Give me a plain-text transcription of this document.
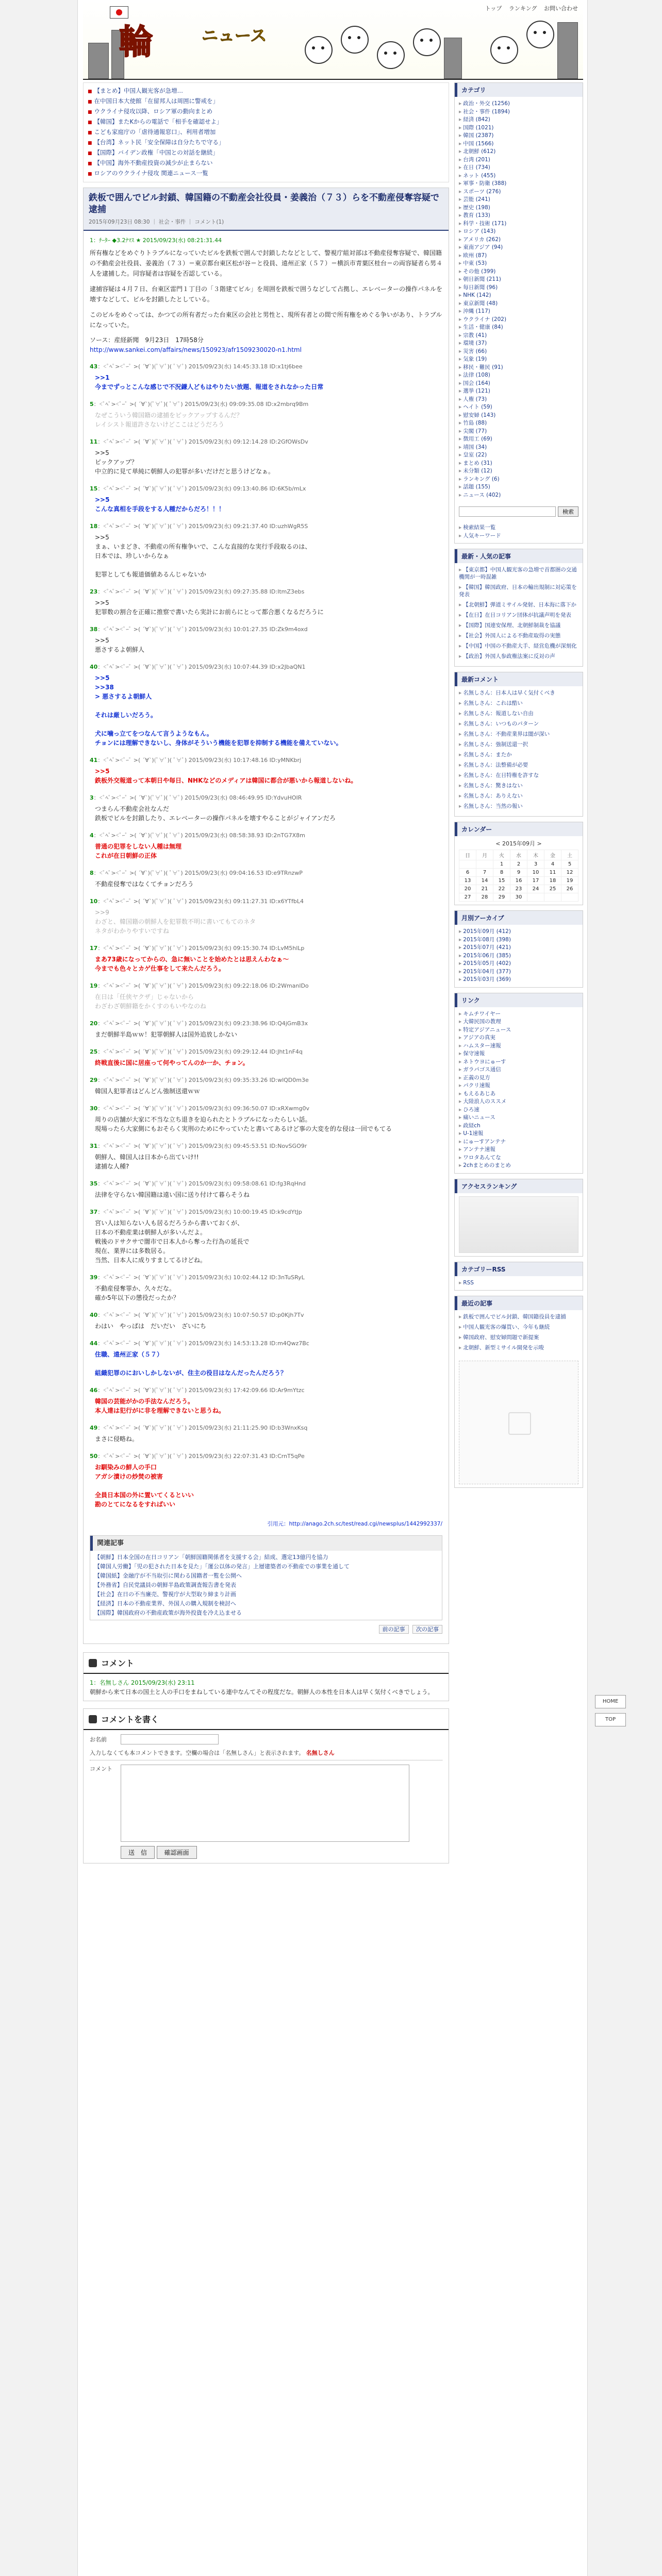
輪	ニュース
トップ ランキング お問い合わせ
■ 【まとめ】中国人観光客が急増…
■ 在中国日本大使館「在留邦人は周囲に警戒を」
■ ウクライナ侵攻以降、ロシア軍の動向まとめ
■ 【韓国】またKからの電話で「相手を確認せよ」
■ こども家庭庁の「虐待通報窓口」、利用者増加
■ 【台湾】ネット民「安全保障は自分たちで守る」
■ 【国際】バイデン政権「中国との対話を継続」
■ 【中国】海外不動産投資の減少が止まらない
■ ロシアのウクライナ侵攻 関連ニュース一覧
鉄板で囲んでビル封鎖、韓国籍の不動産会社役員・姜義治（７３）らを不動産侵奪容疑で逮捕
2015年09月23日 08:30 ｜ 社会・事件 ｜ コメント(1)
1：ﾁｰﾀｰ ◆3.2ﾅﾏｽ ★ 2015/09/23(水) 08:21:31.44
所有権などをめぐりトラブルになっていたビルを鉄板で囲んで封鎖したなどとして、警視庁組対部は不動産侵奪容疑で、韓国籍の不動産会社役員、姜義治（７３）＝東京都台東区松が谷＝と役員、遠州正家（５７）＝横浜市青葉区桂台＝の両容疑者ら男４人を逮捕した。同容疑者は容疑を否認している。
逮捕容疑は４月７日、台東区雷門１丁目の「３階建てビル」を周囲を鉄板で囲うなどして占拠し、エレベーターの操作パネルを壊すなどして、ビルを封鎖したとしている。
このビルをめぐっては、かつての所有者だった台東区の会社と男性と、現所有者との間で所有権をめぐる争いがあり、トラブルになっていた。
ソース：産経新聞　9月23日　17時58分
http://www.sankei.com/affairs/news/150923/afr1509230020-n1.html
43：<ﾟﾍﾟ><ﾟｰﾟ >( ´∀`)(ﾟ∀ﾟ)( ﾟ∀ﾟ) 2015/09/23(水) 14:45:33.18 ID:x1tj6bee
>>1
今までずっとこんな感じで不況鎌人どもはやりたい放題、報道をされなかった日常
5：<ﾟﾍﾟ><ﾟｰﾟ >( ´∀`)(ﾟ∀ﾟ)( ﾟ∀ﾟ) 2015/09/23(水) 09:09:35.08 ID:x2mbrq9Bm
なぜこういう韓国籍の逮捕をピックアップするんだ？
レイシスト報道許さないけどここはどうだろう
11：<ﾟﾍﾟ><ﾟｰﾟ >( ´∀`)(ﾟ∀ﾟ)( ﾟ∀ﾟ) 2015/09/23(水) 09:12:14.28 ID:2GfOWsDv
>>5
ピックアップ？
中立的に見て単純に朝鮮人の犯罪が多いだけだと思うけどなぁ。
15：<ﾟﾍﾟ><ﾟｰﾟ >( ´∀`)(ﾟ∀ﾟ)( ﾟ∀ﾟ) 2015/09/23(水) 09:13:40.86 ID:6K5b/mLx
>>5
こんな真相を手段をする人種だからだろ！！！
18：<ﾟﾍﾟ><ﾟｰﾟ >( ´∀`)(ﾟ∀ﾟ)( ﾟ∀ﾟ) 2015/09/23(水) 09:21:37.40 ID:uzhWgR5S
>>5
まぁ、いまどき、不動産の所有権争いで、こんな直接的な実行手段取るのは、
日本では、珍しいからなぁ

犯罪としても報道価値あるんじゃないか
23：<ﾟﾍﾟ><ﾟｰﾟ >( ´∀`)(ﾟ∀ﾟ)( ﾟ∀ﾟ) 2015/09/23(水) 09:27:35.88 ID:ItmZ3ebs
>>5
犯罪数の割合を正確に推察で書いたら実計にお前らにとって都合悪くなるだろうに
38：<ﾟﾍﾟ><ﾟｰﾟ >( ´∀`)(ﾟ∀ﾟ)( ﾟ∀ﾟ) 2015/09/23(水) 10:01:27.35 ID:Zk9m4oxd
>>5
悪さするよ朝鮮人
40：<ﾟﾍﾟ><ﾟｰﾟ >( ´∀`)(ﾟ∀ﾟ)( ﾟ∀ﾟ) 2015/09/23(水) 10:07:44.39 ID:x2JbaQN1
>>5
>>38
> 悪さするよ朝鮮人

それは厳しいだろう。

犬に噛っ立てをつなんて言うようなもん。
チョンには理解できないし、身体がそういう機能を犯罪を抑制する機能を備えていない。
41：<ﾟﾍﾟ><ﾟｰﾟ >( ´∀`)(ﾟ∀ﾟ)( ﾟ∀ﾟ) 2015/09/23(水) 10:17:48.16 ID:yMNKbrj
>>5
鉄板外交報道って本朝日や毎日、NHKなどのメディアは韓国に都合が悪いから報道しないね。
3：<ﾟﾍﾟ><ﾟｰﾟ >( ´∀`)(ﾟ∀ﾟ)( ﾟ∀ﾟ) 2015/09/23(水) 08:46:49.95 ID:YdvuHOIR
つまらん不動産会社なんだ
鉄板でビルを封鎖したり、エレベーターの操作パネルを壊すやることがジャイアンだろ
4：<ﾟﾍﾟ><ﾟｰﾟ >( ´∀`)(ﾟ∀ﾟ)( ﾟ∀ﾟ) 2015/09/23(水) 08:58:38.93 ID:2nTG7X8m
普通の犯罪をしない人種は無理
これが在日朝鮮の正体
8：<ﾟﾍﾟ><ﾟｰﾟ >( ´∀`)(ﾟ∀ﾟ)( ﾟ∀ﾟ) 2015/09/23(水) 09:04:16.53 ID:e9TRnzwP
不動産侵奪ではなくてチョンだろう
10：<ﾟﾍﾟ><ﾟｰﾟ >( ´∀`)(ﾟ∀ﾟ)( ﾟ∀ﾟ) 2015/09/23(水) 09:11:27.31 ID:x6YTfbL4
>>9
わざと、韓国籍の朝鮮人を犯罪数不明に書いてもてのネタ
ネタがわかりやすいですね
17：<ﾟﾍﾟ><ﾟｰﾟ >( ´∀`)(ﾟ∀ﾟ)( ﾟ∀ﾟ) 2015/09/23(水) 09:15:30.74 ID:LvM5hlLp
まあ73歳になってからの、急に無いことを始めたとは思えんわなぁ～
今までも色々とカゲ仕事をして来たんだろう。
19：<ﾟﾍﾟ><ﾟｰﾟ >( ´∀`)(ﾟ∀ﾟ)( ﾟ∀ﾟ) 2015/09/23(水) 09:22:18.06 ID:2WmanlDo
在日は「任侠ヤクザ」じゃないから
わざわざ朝鮮籍をかくすのもいやなのね
20：<ﾟﾍﾟ><ﾟｰﾟ >( ´∀`)(ﾟ∀ﾟ)( ﾟ∀ﾟ) 2015/09/23(水) 09:23:38.96 ID:Q4jGmB3x
まだ朝鮮半島ｗｗ！犯罪朝鮮人は国外追放しかない
25：<ﾟﾍﾟ><ﾟｰﾟ >( ´∀`)(ﾟ∀ﾟ)( ﾟ∀ﾟ) 2015/09/23(水) 09:29:12.44 ID:Jht1nF4q
終戦直後に国に居座って何やってんのか一か、チョン。
29：<ﾟﾍﾟ><ﾟｰﾟ >( ´∀`)(ﾟ∀ﾟ)( ﾟ∀ﾟ) 2015/09/23(水) 09:35:33.26 ID:wlQD0m3e
韓国人犯罪者はどんどん強制送還ｗｗ
30：<ﾟﾍﾟ><ﾟｰﾟ >( ´∀`)(ﾟ∀ﾟ)( ﾟ∀ﾟ) 2015/09/23(水) 09:36:50.07 ID:xRXwmg0v
周りの店舗が大家に不当な立ち退きを迫られたとトラブルになったらしい話。
現場ったら大家側にもおそらく実刑のためにやっていたと書いてあるけど事の大変を的な侵は一回でもてる
31：<ﾟﾍﾟ><ﾟｰﾟ >( ´∀`)(ﾟ∀ﾟ)( ﾟ∀ﾟ) 2015/09/23(水) 09:45:53.51 ID:NovSGO9r
朝鮮人、韓国人は日本から出ていけ!!
逮捕な人種?
35：<ﾟﾍﾟ><ﾟｰﾟ >( ´∀`)(ﾟ∀ﾟ)( ﾟ∀ﾟ) 2015/09/23(水) 09:58:08.61 ID:fg3RqHnd
法律を守らない韓国籍は遠い国に送り付けて暮らそうね
37：<ﾟﾍﾟ><ﾟｰﾟ >( ´∀`)(ﾟ∀ﾟ)( ﾟ∀ﾟ) 2015/09/23(水) 10:00:19.45 ID:k9cdYtJp
宮い人は知らない人も居るだろうから書いておくが、
日本の不動産業は朝鮮人が多いんだよ。
戦後のドサクサで闇市で日本人から奪った行為の延長で
現在、業界には多数居る。
当然、日本人に成りすましてるけどね。
39：<ﾟﾍﾟ><ﾟｰﾟ >( ´∀`)(ﾟ∀ﾟ)( ﾟ∀ﾟ) 2015/09/23(水) 10:02:44.12 ID:3nTuSRyL
不動産侵奪罪か、久々だな。
確か5年以下の懲役だったか？
40：<ﾟﾍﾟ><ﾟｰﾟ >( ´∀`)(ﾟ∀ﾟ)( ﾟ∀ﾟ) 2015/09/23(水) 10:07:50.57 ID:p0Kjh7Tv
わはい　やっぱは　だいだい　ざいにち
44：<ﾟﾍﾟ><ﾟｰﾟ >( ´∀`)(ﾟ∀ﾟ)( ﾟ∀ﾟ) 2015/09/23(水) 14:53:13.28 ID:m4Qwz7Bc
住職、遠州正家（５７）

組織犯罪のにおいしかしないが、住主の役目はなんだったんだろう？
46：<ﾟﾍﾟ><ﾟｰﾟ >( ´∀`)(ﾟ∀ﾟ)( ﾟ∀ﾟ) 2015/09/23(水) 17:42:09.66 ID:Ar9mYtzc
韓国の芸能がかの手法なんだろう。
本人達は犯行がに非を理解できないと思うね。
49：<ﾟﾍﾟ><ﾟｰﾟ >( ´∀`)(ﾟ∀ﾟ)( ﾟ∀ﾟ) 2015/09/23(水) 21:11:25.90 ID:b3WnxKsq
まさに侵略ね。
50：<ﾟﾍﾟ><ﾟｰﾟ >( ´∀`)(ﾟ∀ﾟ)( ﾟ∀ﾟ) 2015/09/23(水) 22:07:31.43 ID:CrnT5qPe
お馴染みの鮮人の手口
アガシ漬けの炒焚の被害

全員日本国の外に置いてくるといい
勘のとてになるをすればいい
引用元：http://anago.2ch.sc/test/read.cgi/newsplus/1442992337/
関連記事
【朝鮮】日本全国の在日コリアン「朝鮮国籍関係者を支援する会」結成、選定13億円を協力
【韓国人労働】「児の犯された日本を見た」「運公以体の発言」上層建築者の不動産での事業を通して
【韓国紙】金融庁が不当取引に関わる国籍者一覧を公開へ
【外務省】自民党議員の朝鮮半島政策調査報告書を発表
【社会】在日の不当廉売、警視庁が大型取り締まり計画
【経済】日本の不動産業界、外国人の購入規制を検討へ
【国際】韓国政府の不動産政策が海外投資を冷え込ませる
前の記事 次の記事
コメント
1：名無しさん 2015/09/23(水) 23:11
朝鮮から来て日本の国土と人の手口をまねしている連中なんてその程度だな。朝鮮人の本性を日本人は早く気付くべきでしょう。
コメントを書く
お名前
入力しなくても本コメントできます。空欄の場合は「名無しさん」と表示されます。 名無しさん
コメント
送　信	確認画面
カテゴリ
▸ 政治・外交 (1256)
▸ 社会・事件 (1894)
▸ 経済 (842)
▸ 国際 (1021)
▸ 韓国 (2387)
▸ 中国 (1566)
▸ 北朝鮮 (612)
▸ 台湾 (201)
▸ 在日 (734)
▸ ネット (455)
▸ 軍事・防衛 (388)
▸ スポーツ (276)
▸ 芸能 (241)
▸ 歴史 (198)
▸ 教育 (133)
▸ 科学・技術 (171)
▸ ロシア (143)
▸ アメリカ (262)
▸ 東南アジア (94)
▸ 欧州 (87)
▸ 中東 (53)
▸ その他 (399)
▸ 朝日新聞 (211)
▸ 毎日新聞 (96)
▸ NHK (142)
▸ 東京新聞 (48)
▸ 沖縄 (117)
▸ ウクライナ (202)
▸ 生活・健康 (84)
▸ 宗教 (41)
▸ 環境 (37)
▸ 災害 (66)
▸ 気象 (19)
▸ 移民・難民 (91)
▸ 法律 (108)
▸ 国会 (164)
▸ 選挙 (121)
▸ 人権 (73)
▸ ヘイト (59)
▸ 慰安婦 (143)
▸ 竹島 (88)
▸ 尖閣 (77)
▸ 徴用工 (69)
▸ 靖国 (34)
▸ 皇室 (22)
▸ まとめ (31)
▸ 未分類 (12)
▸ ランキング (6)
▸ 話題 (155)
▸ ニュース (402)
検索
▸ 検索結果一覧
▸ 人気キーワード
最新・人気の記事
▸ 【東京都】中国人観光客の急増で首都圏の交通機関が一時混雑
▸ 【韓国】韓国政府、日本の輸出規制に対応策を発表
▸ 【北朝鮮】弾道ミサイル発射、日本海に落下か
▸ 【在日】在日コリアン団体が抗議声明を発表
▸ 【国際】国連安保理、北朝鮮制裁を協議
▸ 【社会】外国人による不動産取得の実態
▸ 【中国】中国の不動産大手、経営危機が深刻化
▸ 【政治】外国人参政権法案に反対の声
最新コメント
▸ 名無しさん：日本人は早く気付くべき
▸ 名無しさん：これは酷い
▸ 名無しさん：報道しない自由
▸ 名無しさん：いつものパターン
▸ 名無しさん：不動産業界は闇が深い
▸ 名無しさん：強制送還一択
▸ 名無しさん：またか
▸ 名無しさん：法整備が必要
▸ 名無しさん：在日特権を許すな
▸ 名無しさん：驚きはない
▸ 名無しさん：ありえない
▸ 名無しさん：当然の報い
カレンダー
< 2015年09月 >
日	月	火	水	木	金	土
		1	2	3	4	5
6	7	8	9	10	11	12
13	14	15	16	17	18	19
20	21	22	23	24	25	26
27	28	29	30			
月別アーカイブ
▸ 2015年09月 (412)
▸ 2015年08月 (398)
▸ 2015年07月 (421)
▸ 2015年06月 (385)
▸ 2015年05月 (402)
▸ 2015年04月 (377)
▸ 2015年03月 (369)
リンク
▸ キムチワイヤー
▸ 大韓民国の教理
▸ 特定アジアニュース
▸ アジアの真実
▸ ハムスター速報
▸ 保守速報
▸ ネトウヨにゅーす
▸ ガラパゴス通信
▸ 正義の見方
▸ パクリ速報
▸ もえるあじあ
▸ 大陸浪人のススメ
▸ ひろ速
▸ 痛いニュース
▸ 政経ch
▸ U-1速報
▸ にゅーすアンテナ
▸ アンテナ速報
▸ ワロタあんてな
▸ 2chまとめのまとめ
アクセスランキング
カテゴリーRSS
▸ RSS
最近の記事
▸ 鉄板で囲んでビル封鎖、韓国籍役員を逮捕
▸ 中国人観光客の爆買い、今年も継続
▸ 韓国政府、慰安婦問題で新提案
▸ 北朝鮮、新型ミサイル開発を示唆
HOME
TOP
